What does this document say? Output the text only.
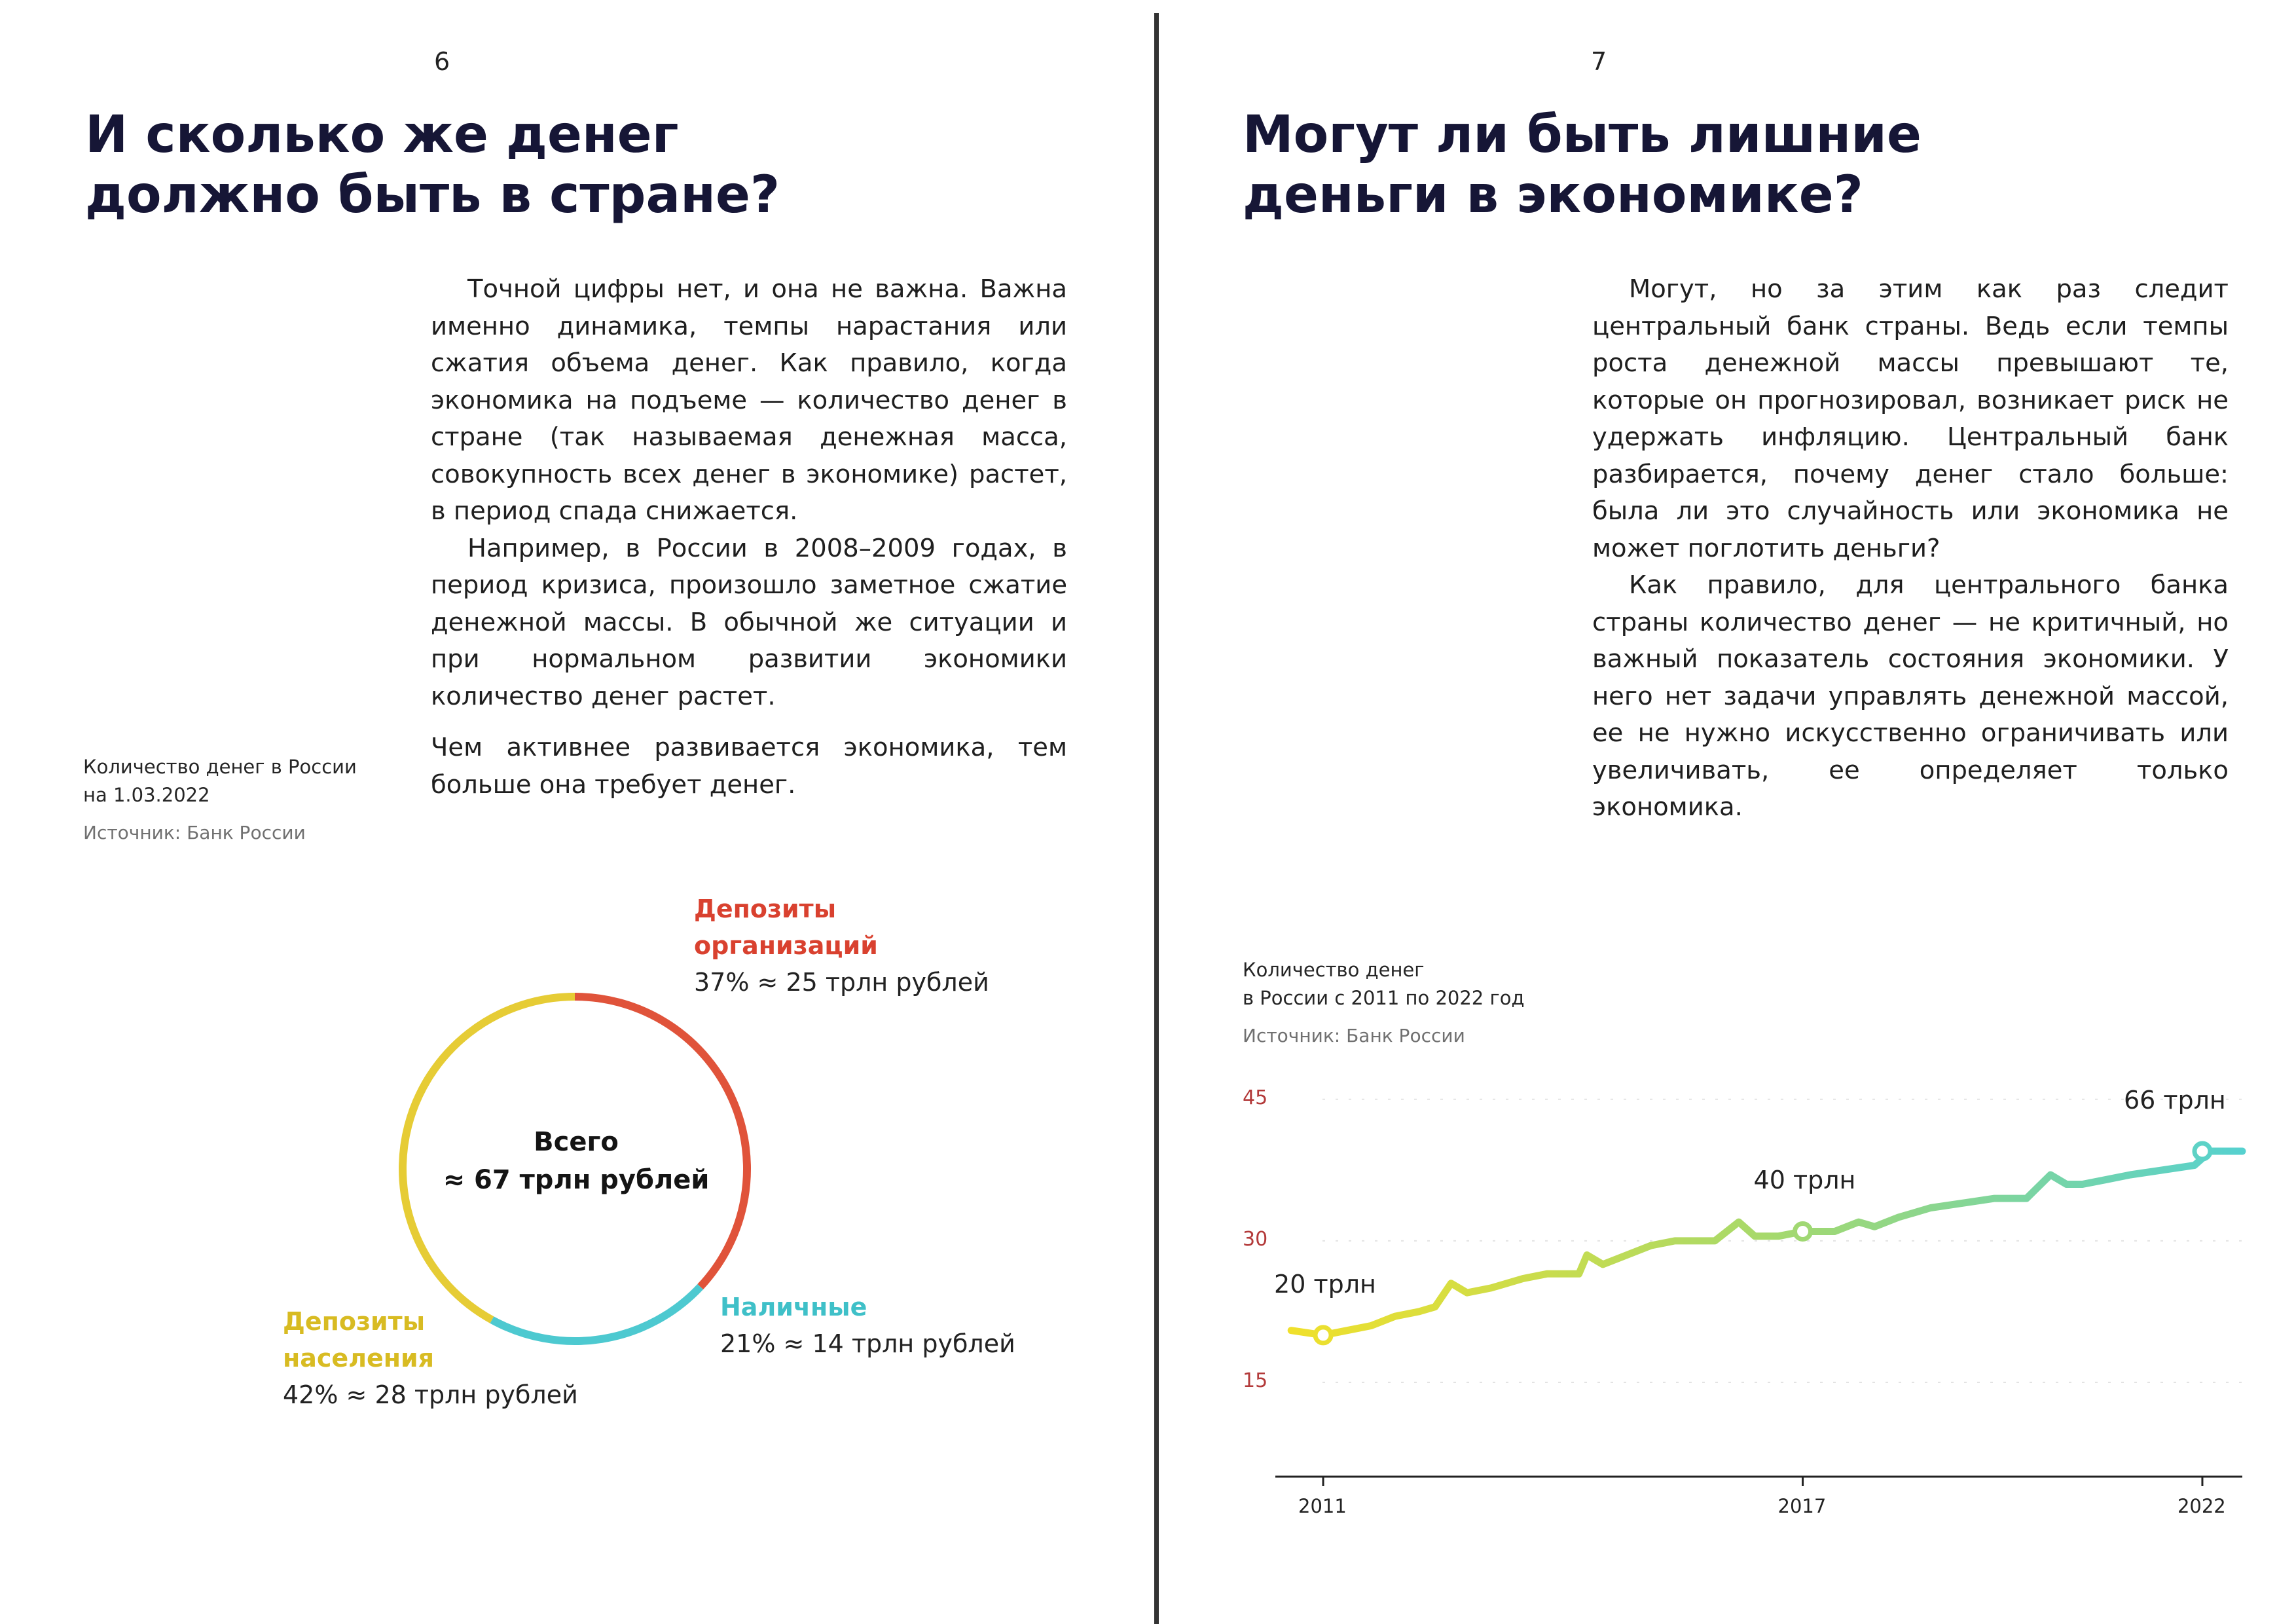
6
И сколько же денег
должно быть в стране?

Точной цифры нет, и она не важна. Важна именно динамика, темпы нарастания или сжатия объема денег. Как правило, когда экономика на подъеме — количество денег в стране (так называемая денежная масса, совокупность всех денег в экономике) растет, в период спада снижается.

Например, в России в 2008–2009 годах, в период кризиса, произошло заметное сжатие денежной массы. В обычной же ситуации и при нормальном развитии экономики количество денег растет.

Чем активнее развивается экономика, тем больше она требует денег.

Количество денег в России
на 1.03.2022
Источник: Банк России
Всего
≈ 67 трлн рублей
Депозиты
организаций
37% ≈ 25 трлн рублей
Наличные
21% ≈ 14 трлн рублей
Депозиты
населения
42% ≈ 28 трлн рублей
7
Могут ли быть лишние
деньги в экономике?

Могут, но за этим как раз следит центральный банк страны. Ведь если темпы роста денежной массы превышают те, которые он прогнозировал, возникает риск не удержать инфляцию. Центральный банк разбирается, почему денег стало больше: была ли это случайность или экономика не может поглотить деньги?

Как правило, для центрального банка страны количество денег — не критичный, но важный показатель состояния экономики. У него нет задачи управлять денежной массой, ее не нужно искусственно ограничивать или увеличивать, ее определяет только экономика.

Количество денег
в России с 2011 по 2022 год
Источник: Банк России
2011	2017	2022
15
30
45
20 трлн
40 трлн
66 трлн
